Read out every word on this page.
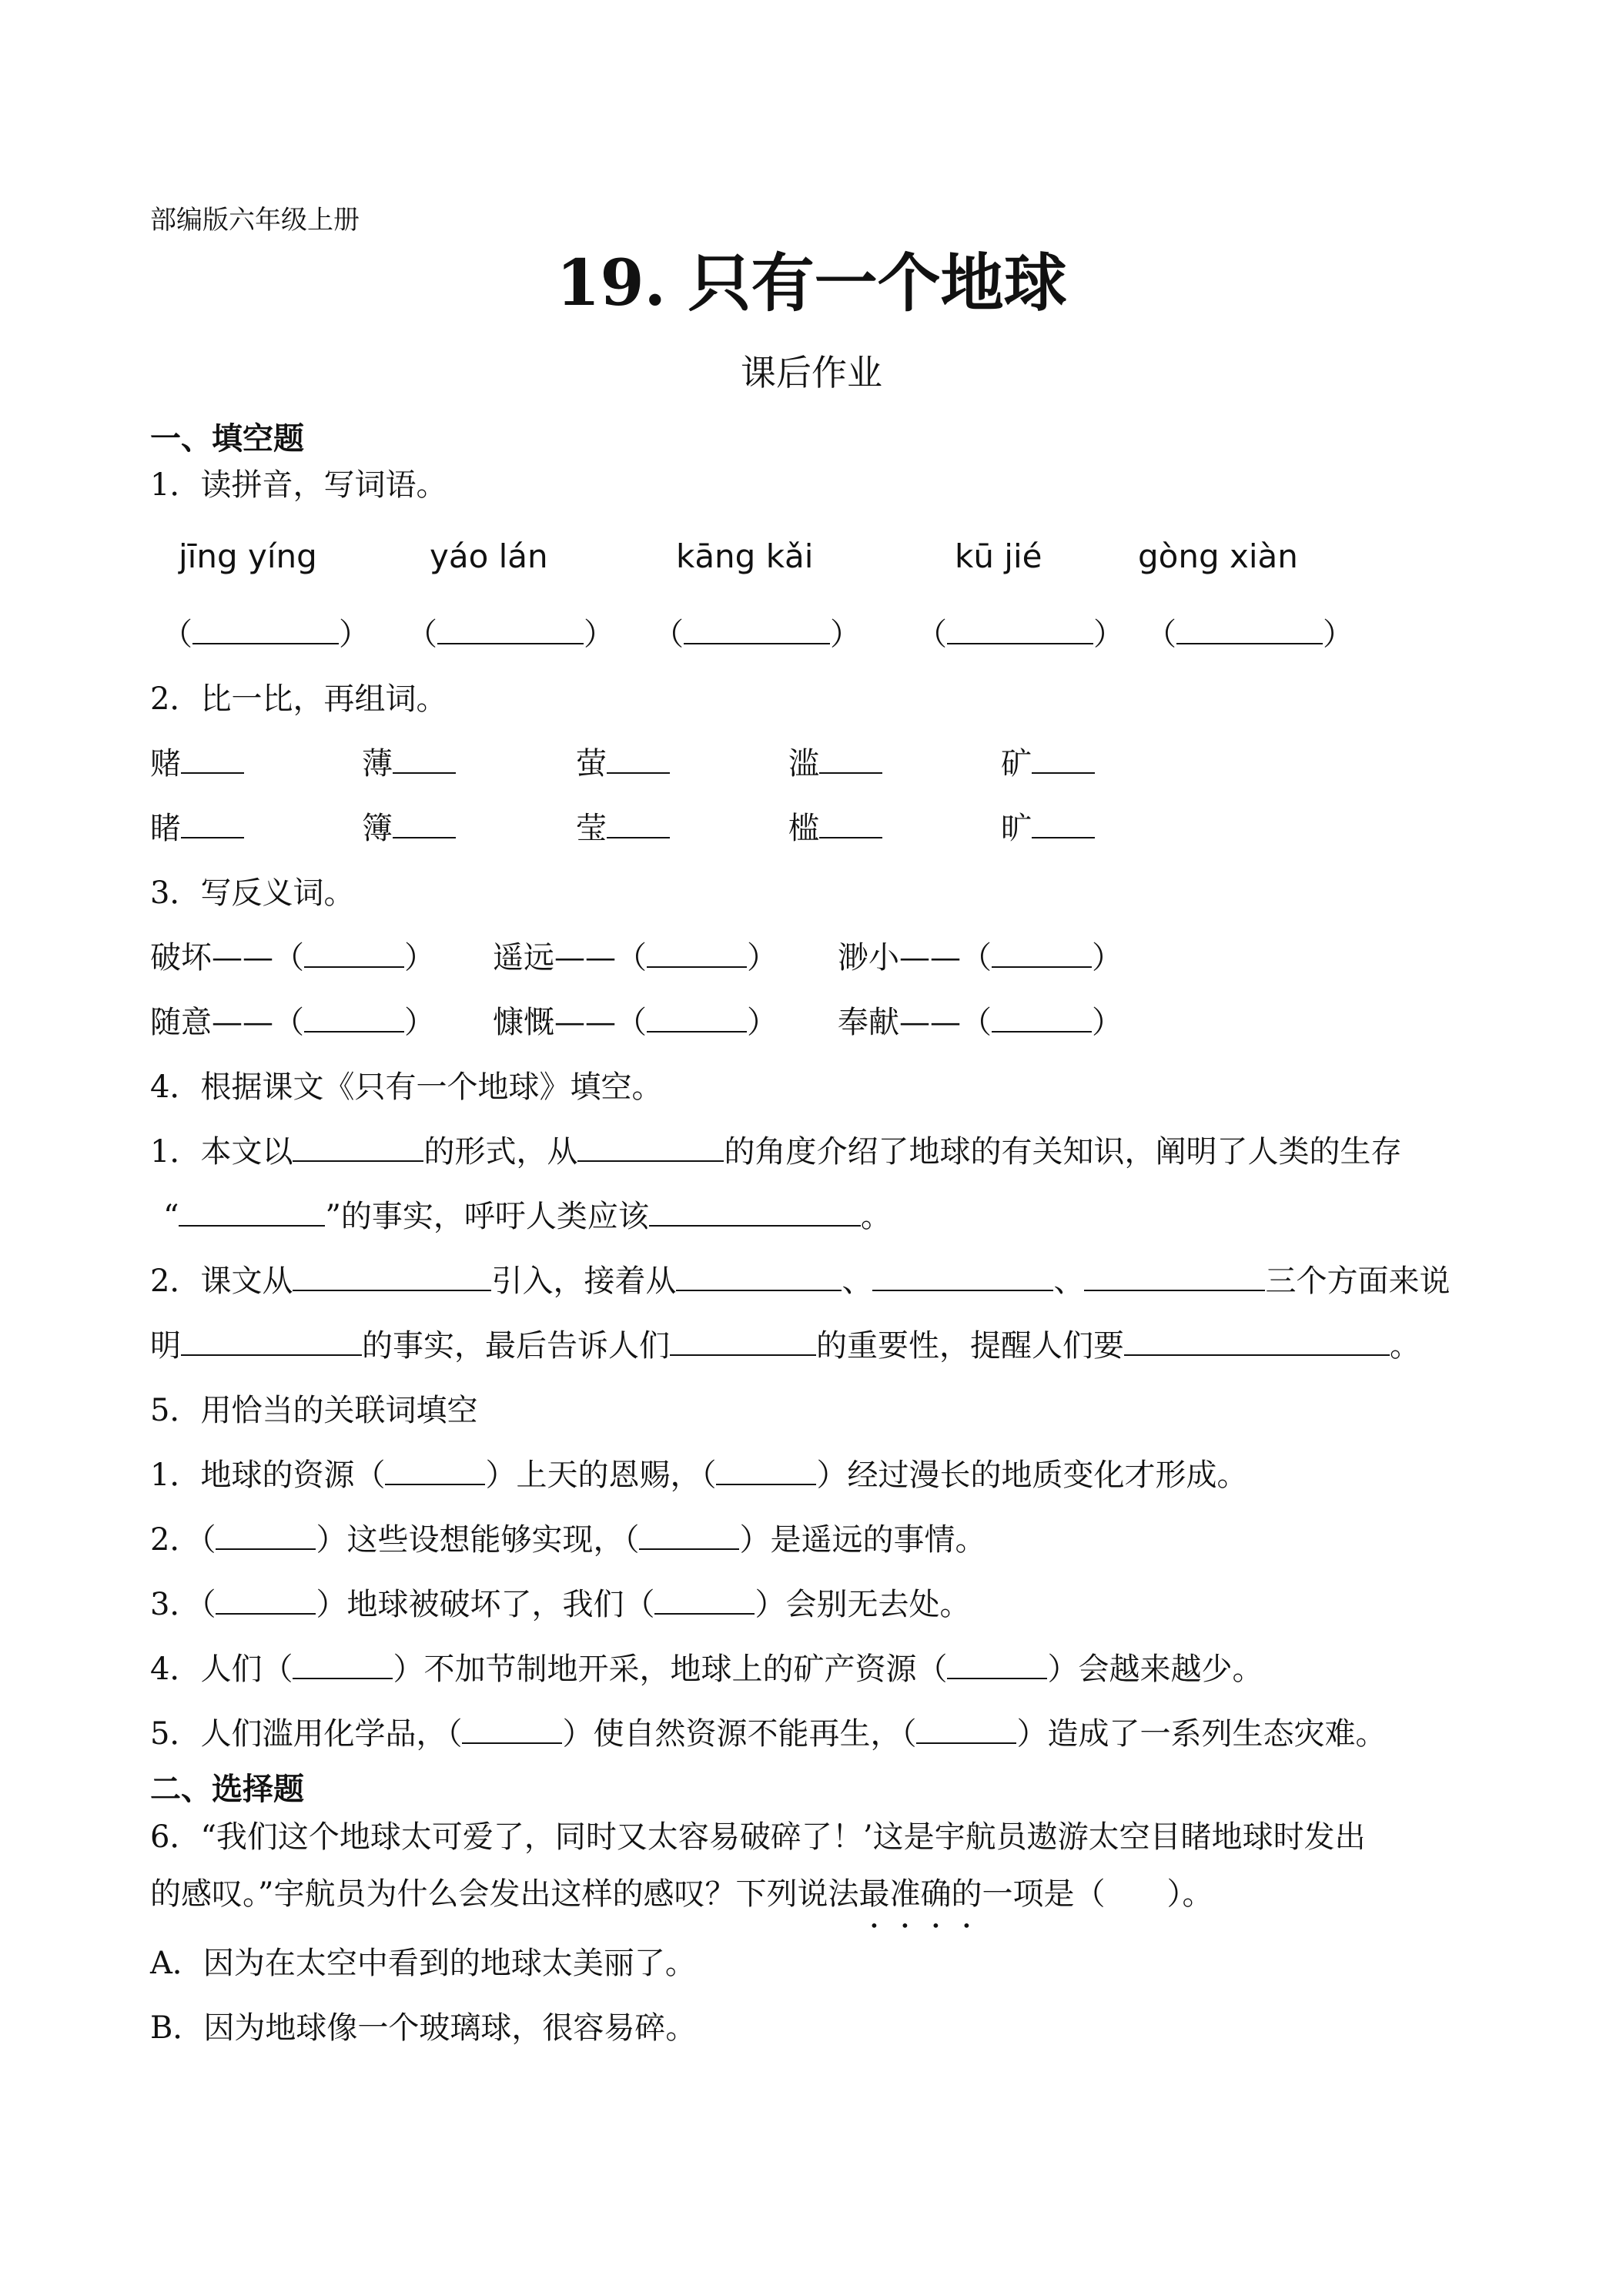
部编版六年级上册
19. 只有一个地球
课后作业
一、填空题
1．读拼音，写词语。
jīng yíng	yáo lán	kāng kǎi	kū jié	gòng xiàn
（	） （	） （	） （	） （	）
2．比一比，再组词。
赌	薄	萤	滥	矿
睹	簿	莹	槛	旷
3．写反义词。
破坏——（	） 遥远——（	） 渺小——（	）
随意——（	） 慷慨——（	） 奉献——（	）
4．根据课文《只有一个地球》填空。
1．本文以	的形式，从	的角度介绍了地球的有关知识，阐明了人类的生存
“	”的事实，呼吁人类应该	。
2．课文从	引入，接着从	、	、	三个方面来说
明	的事实，最后告诉人们	的重要性，提醒人们要	。
5．用恰当的关联词填空
1．地球的资源（	）上天的恩赐，（	）经过漫长的地质变化才形成。
2．（	）这些设想能够实现，（	）是遥远的事情。
3．（	）地球被破坏了，我们（	）会别无去处。
4．人们（	）不加节制地开采，地球上的矿产资源（	）会越来越少。
5．人们滥用化学品，（	）使自然资源不能再生，（	）造成了一系列生态灾难。
二、选择题
6．“我们这个地球太可爱了，同时又太容易破碎了！’这是宇航员遨游太空目睹地球时发出
的感叹。”宇航员为什么会发出这样的感叹？下列说法最准确的一项是（　　）。
A．因为在太空中看到的地球太美丽了。
B．因为地球像一个玻璃球，很容易碎。
